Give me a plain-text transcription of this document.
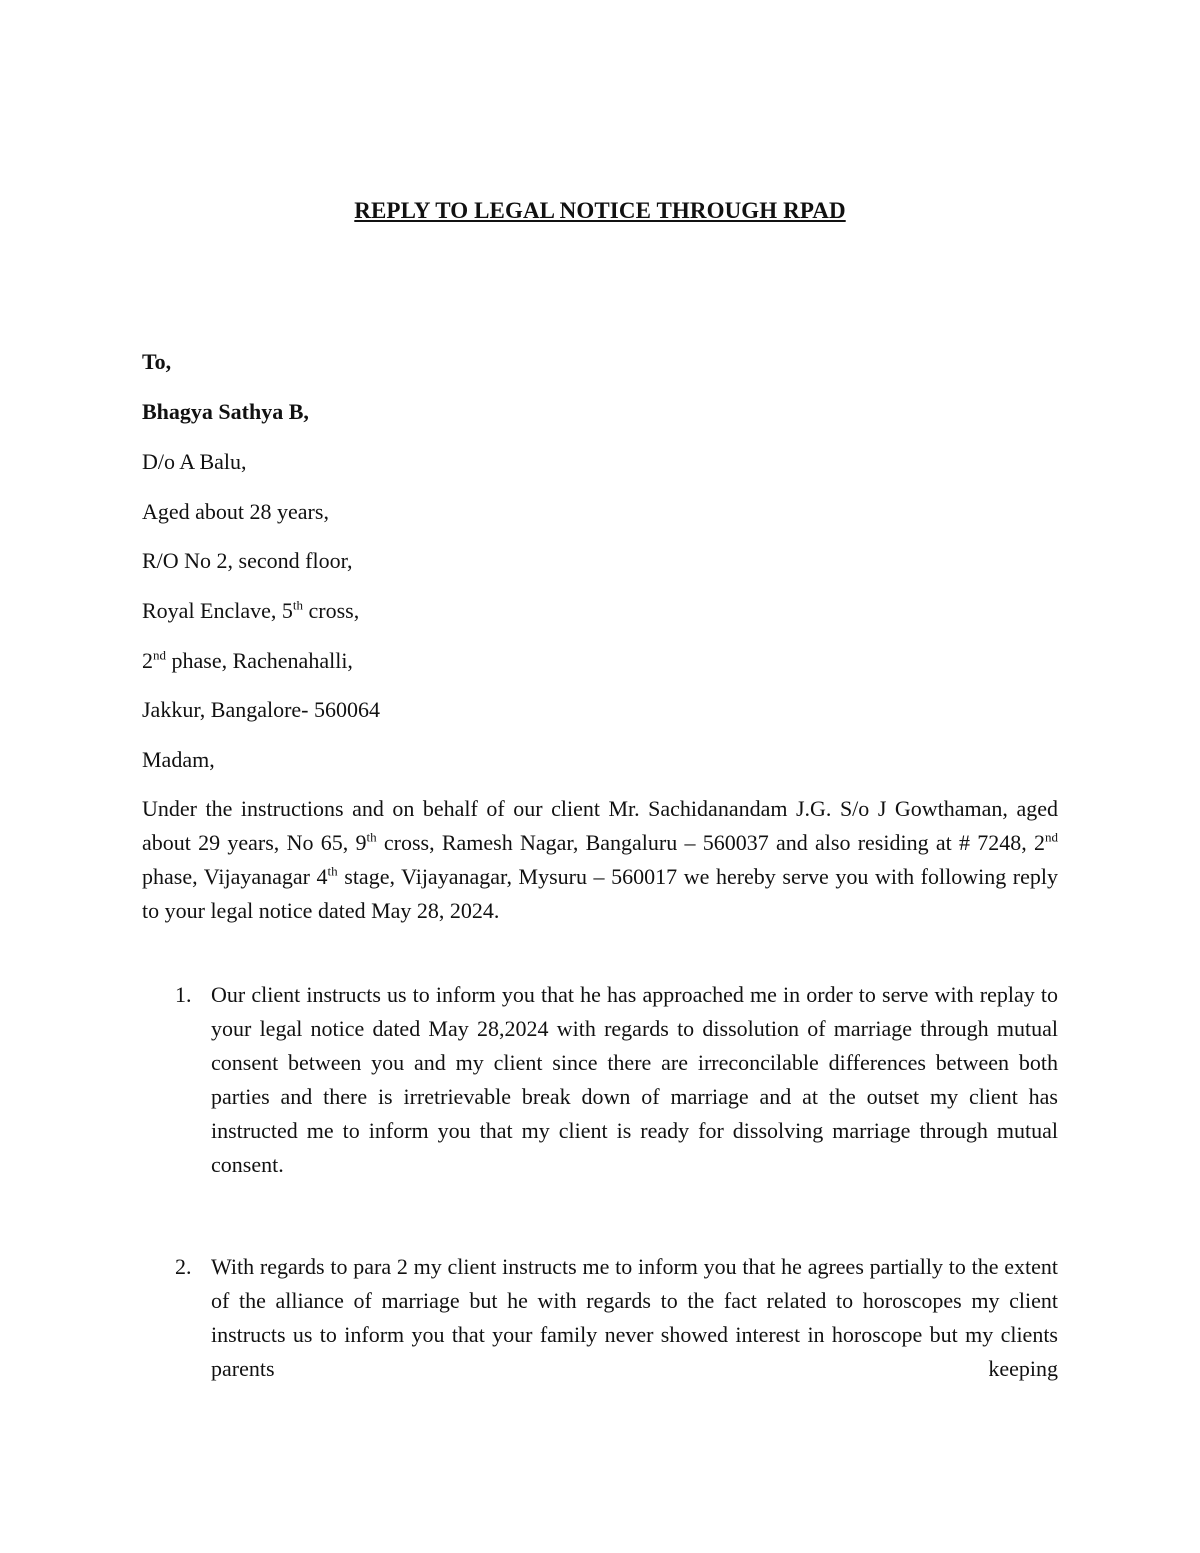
REPLY TO LEGAL NOTICE THROUGH RPAD
To,
Bhagya Sathya B,
D/o A Balu,
Aged about 28 years,
R/O No 2, second floor,
Royal Enclave, 5th cross,
2nd phase, Rachenahalli,
Jakkur, Bangalore- 560064
Madam,
Under the instructions and on behalf of our client Mr. Sachidanandam J.G. S/o J Gowthaman, aged about 29 years, No 65, 9th cross, Ramesh Nagar, Bangaluru – 560037 and also residing at # 7248, 2nd phase, Vijayanagar 4th stage, Vijayanagar, Mysuru – 560017 we hereby serve you with following reply to your legal notice dated May 28, 2024.
1. Our client instructs us to inform you that he has approached me in order to serve with replay to your legal notice dated May 28,2024 with regards to dissolution of marriage through mutual consent between you and my client since there are irreconcilable differences between both parties and there is irretrievable break down of marriage and at the outset my client has instructed me to inform you that my client is ready for dissolving marriage through mutual consent.
2. With regards to para 2 my client instructs me to inform you that he agrees partially to the extent of the alliance of marriage but he with regards to the fact related to horoscopes my client instructs us to inform you that your family never showed interest in horoscope but my clients parents keeping
